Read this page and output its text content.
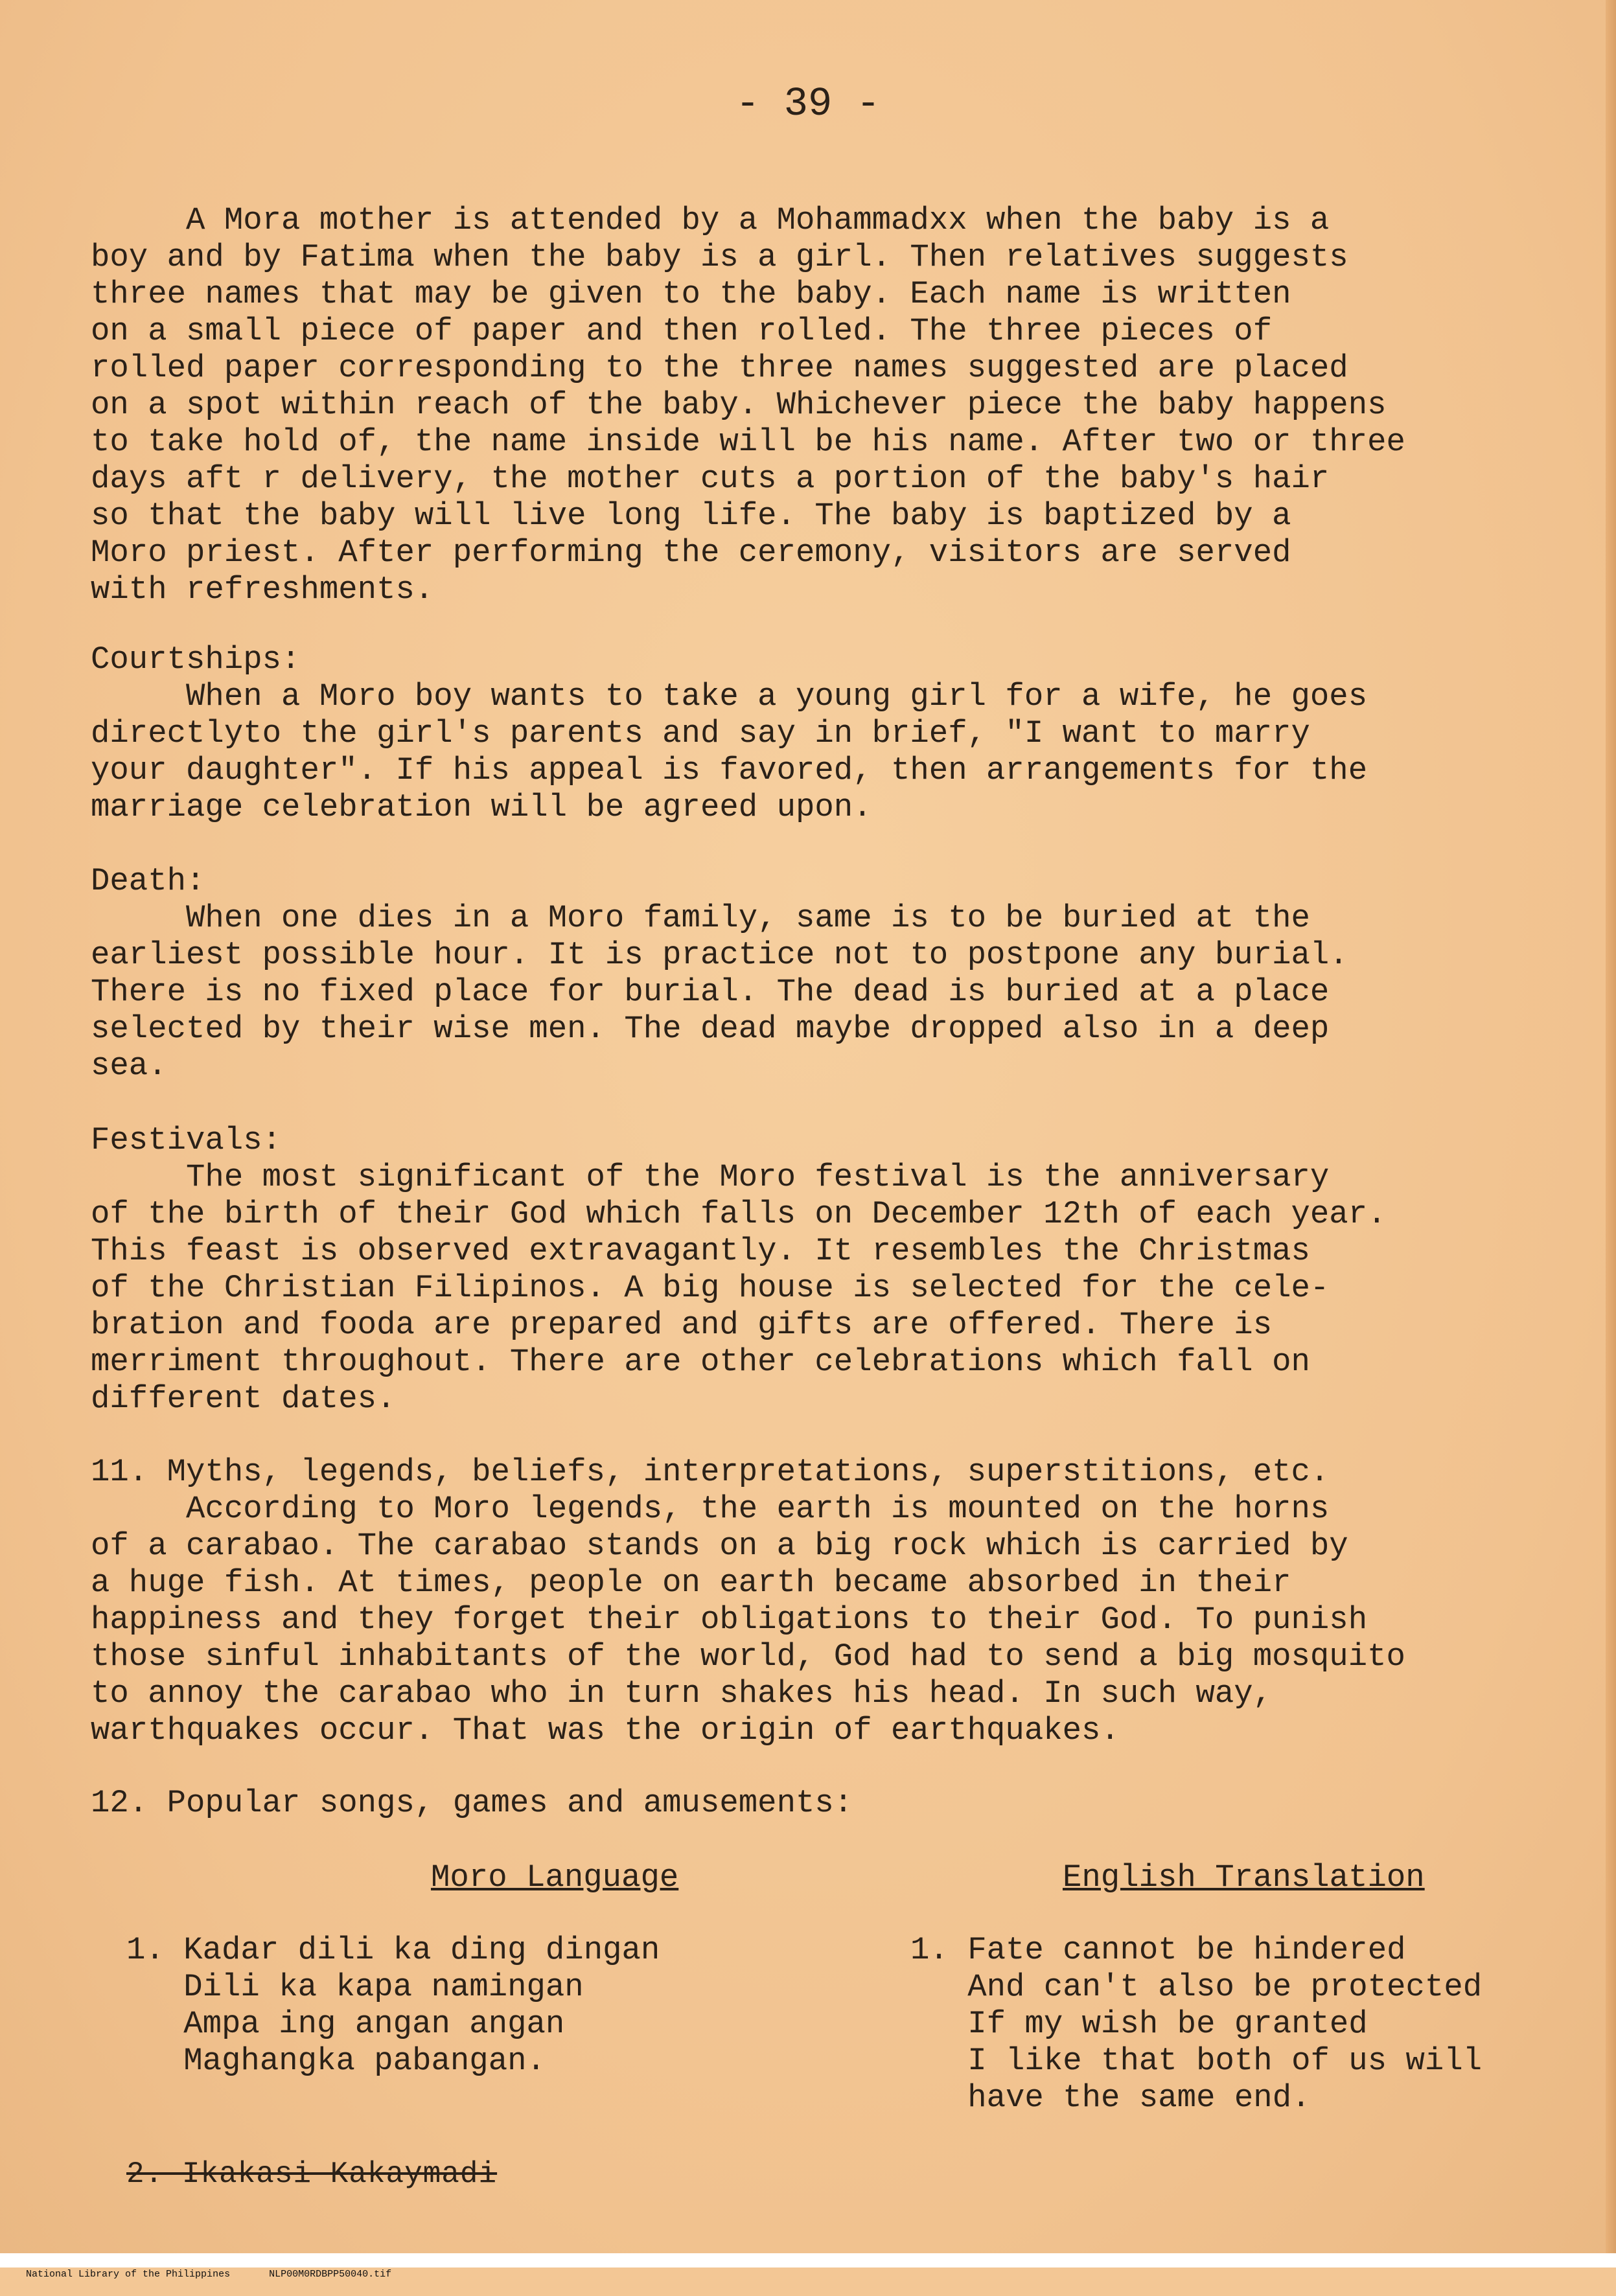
- 39 -
A Mora mother is attended by a Mohammadxx when the baby is a
boy and by Fatima when the baby is a girl. Then relatives suggests
three names that may be given to the baby. Each name is written
on a small piece of paper and then rolled. The three pieces of
rolled paper corresponding to the three names suggested are placed
on a spot within reach of the baby. Whichever piece the baby happens
to take hold of, the name inside will be his name. After two or three
days aft r delivery, the mother cuts a portion of the baby's hair
so that the baby will live long life. The baby is baptized by a
Moro priest. After performing the ceremony, visitors are served
with refreshments.
Courtships:
When a Moro boy wants to take a young girl for a wife, he goes
directlyto the girl's parents and say in brief, "I want to marry
your daughter". If his appeal is favored, then arrangements for the
marriage celebration will be agreed upon.
Death:
When one dies in a Moro family, same is to be buried at the
earliest possible hour. It is practice not to postpone any burial.
There is no fixed place for burial. The dead is buried at a place
selected by their wise men. The dead maybe dropped also in a deep
sea.
Festivals:
The most significant of the Moro festival is the anniversary
of the birth of their God which falls on December 12th of each year.
This feast is observed extravagantly. It resembles the Christmas
of the Christian Filipinos. A big house is selected for the cele-
bration and fooda are prepared and gifts are offered. There is
merriment throughout. There are other celebrations which fall on
different dates.
11. Myths, legends, beliefs, interpretations, superstitions, etc.
According to Moro legends, the earth is mounted on the horns
of a carabao. The carabao stands on a big rock which is carried by
a huge fish. At times, people on earth became absorbed in their
happiness and they forget their obligations to their God. To punish
those sinful inhabitants of the world, God had to send a big mosquito
to annoy the carabao who in turn shakes his head. In such way,
warthquakes occur. That was the origin of earthquakes.
12. Popular songs, games and amusements:
Moro Language	English Translation
1. Kadar dili ka ding dingan
Dili ka kapa namingan
Ampa ing angan angan
Maghangka pabangan.
1. Fate cannot be hindered
And can't also be protected
If my wish be granted
I like that both of us will
have the same end.
2. Ikakasi Kakaymadi

National Library of the Philippines	NLP00M0RDBPP50040.tif
